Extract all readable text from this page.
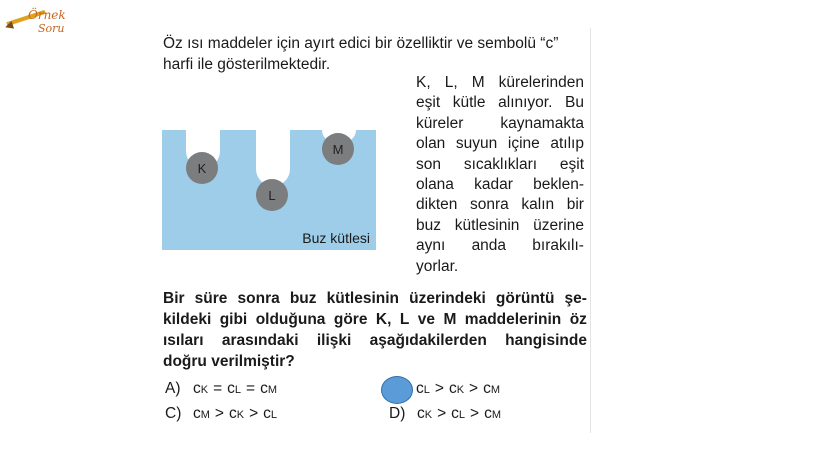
Örnek
Soru
Öz ısı maddeler için ayırt edici bir özelliktir ve sembolü “c”
harfi ile gösterilmektedir.
K
L
M
Buz kütlesi
K, L, M kürelerinden
eşit kütle alınıyor. Bu
küreler kaynamakta
olan suyun içine atılıp
son sıcaklıkları eşit
olana kadar beklen-
dikten sonra kalın bir
buz kütlesinin üzerine
aynı anda bırakılı-
yorlar.
Bir süre sonra buz kütlesinin üzerindeki görüntü şe-
kildeki gibi olduğuna göre K, L ve M maddelerinin öz
ısıları arasındaki ilişki aşağıdakilerden hangisinde
doğru verilmiştir?
A) c K = c L = c M	c L > c K > c M
C) c M > c K > c L	D) c K > c L > c M
